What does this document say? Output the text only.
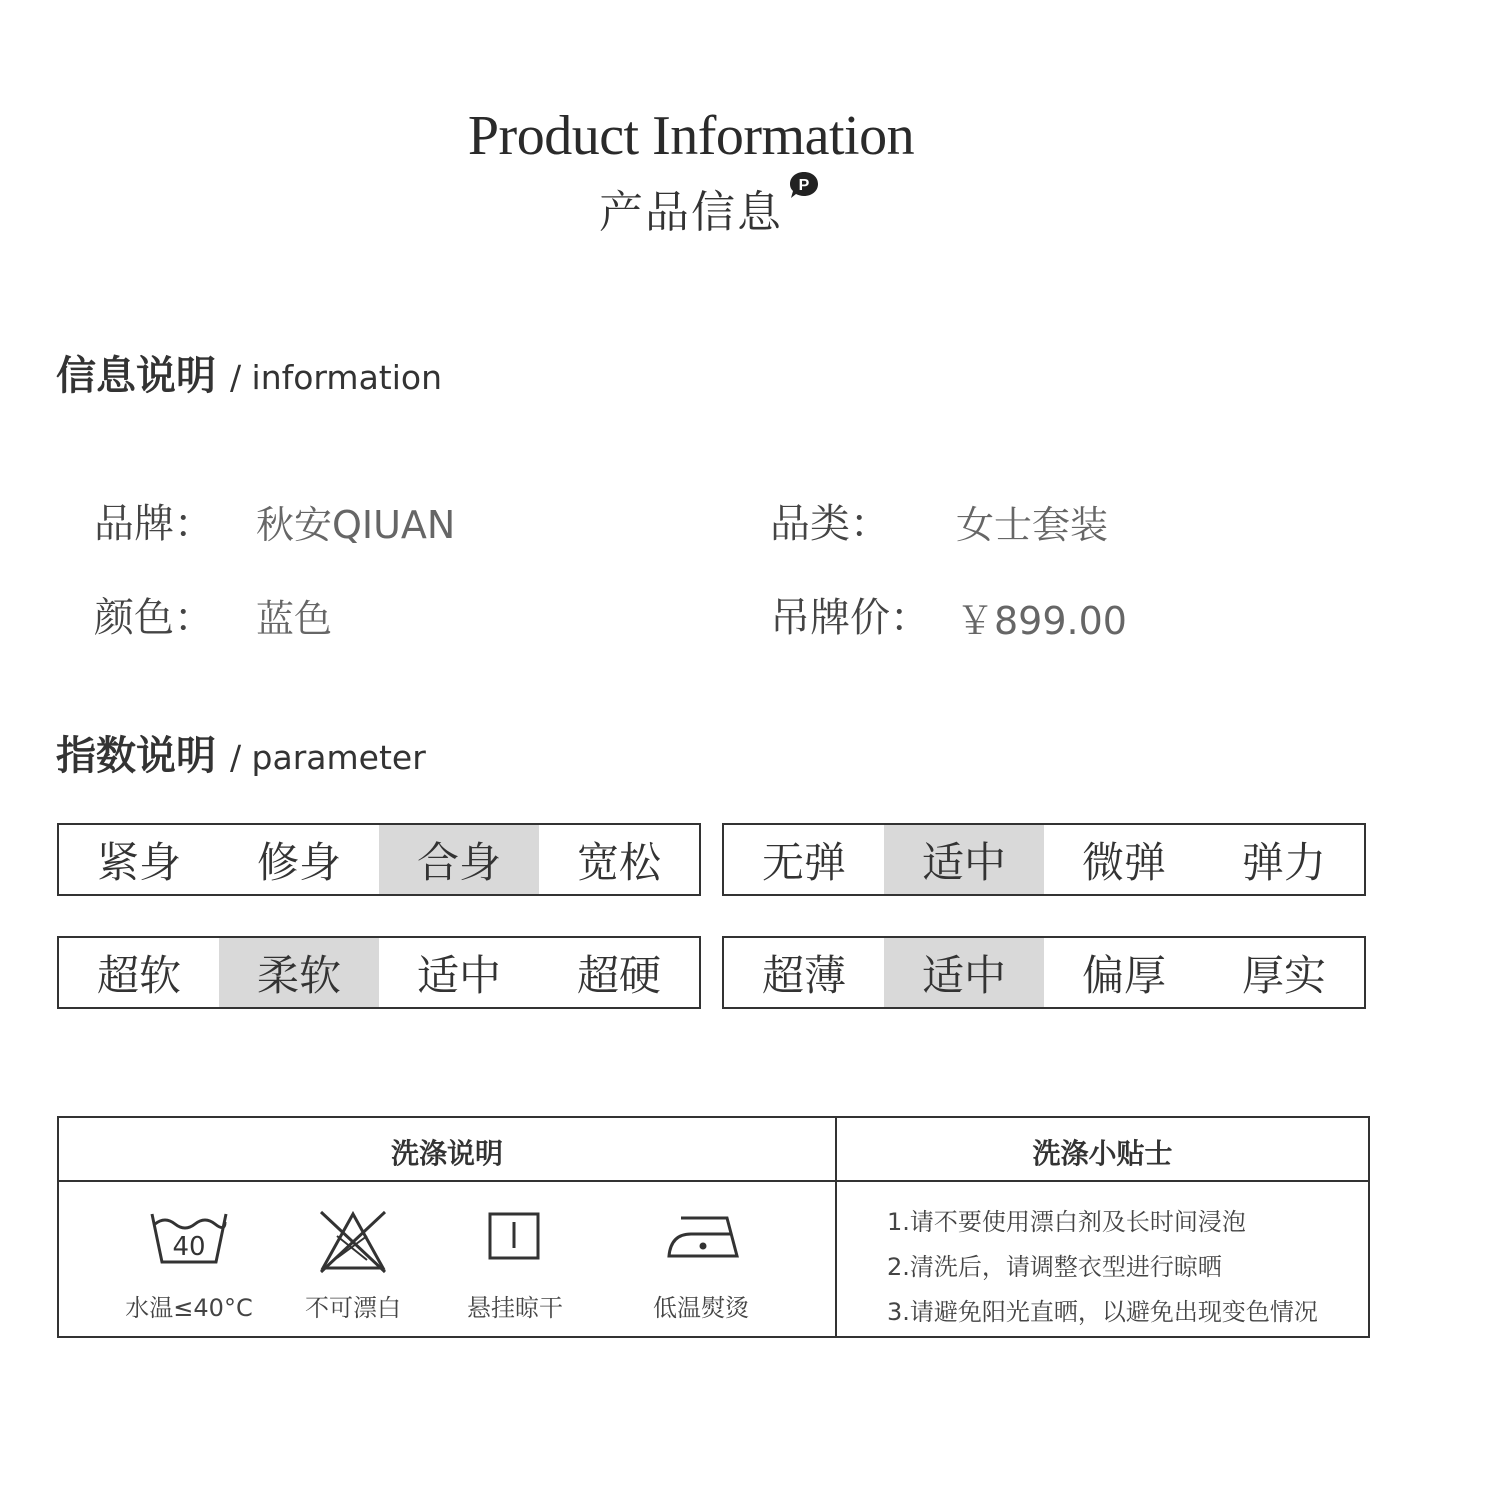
Product Information
产品信息
P
信息说明 / information
品牌： 秋安QIUAN	品类： 女士套装
颜色： 蓝色	吊牌价： ￥899.00
指数说明 / parameter
紧身	修身	合身	宽松	无弹	适中	微弹	弹力
超软	柔软	适中	超硬	超薄	适中	偏厚	厚实
洗涤说明	洗涤小贴士
40
水温≤40°C	不可漂白	悬挂晾干	低温熨烫
1.请不要使用漂白剂及长时间浸泡
2.清洗后，请调整衣型进行晾晒
3.请避免阳光直晒，以避免出现变色情况
